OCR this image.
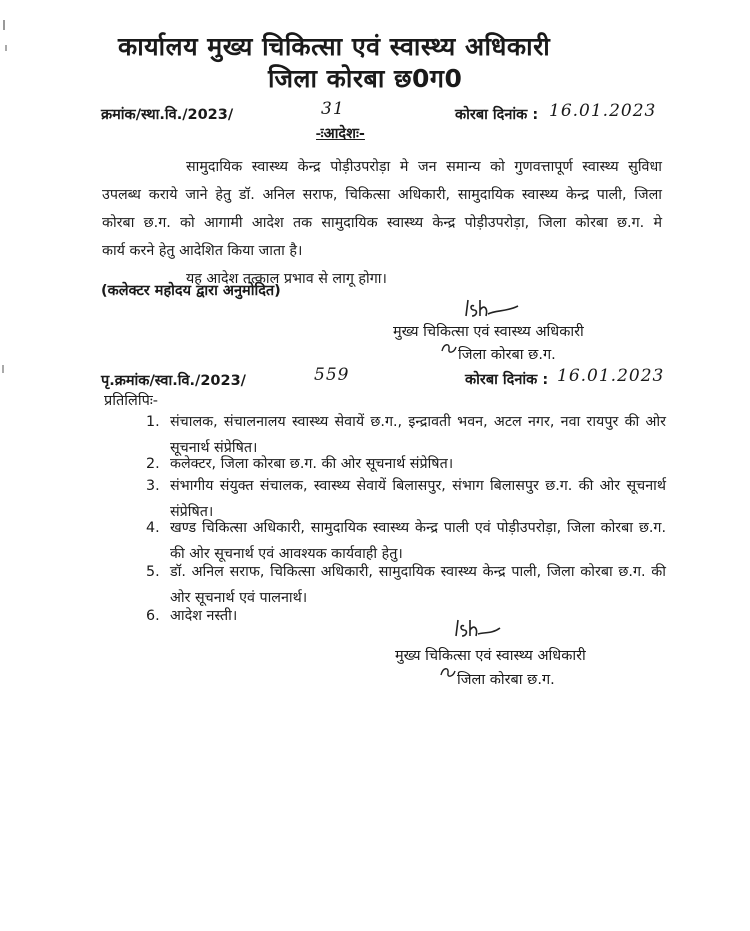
कार्यालय मुख्य चिकित्सा एवं स्वास्थ्य अधिकारी
जिला कोरबा छ0ग0
क्रमांक/स्था.वि./2023/	31	कोरबा दिनांक : 16.01.2023
-ःआदेशः-
सामुदायिक स्वास्थ्य केन्द्र पोड़ीउपरोड़ा मे जन समान्य को गुणवत्तापूर्ण स्वास्थ्य सुविधा
उपलब्ध कराये जाने हेतु डॉ. अनिल सराफ, चिकित्सा अधिकारी, सामुदायिक स्वास्थ्य केन्द्र पाली, जिला
कोरबा छ.ग. को आगामी आदेश तक सामुदायिक स्वास्थ्य केन्द्र पोड़ीउपरोड़ा, जिला कोरबा छ.ग. मे
कार्य करने हेतु आदेशित किया जाता है।
यह आदेश तत्काल प्रभाव से लागू होगा।
(कलेक्टर महोदय द्वारा अनुमोदित)
मुख्य चिकित्सा एवं स्वास्थ्य अधिकारी
जिला कोरबा छ.ग.
पृ.क्रमांक/स्वा.वि./2023/	559	कोरबा दिनांक : 16.01.2023
प्रतिलिपिः-
1. संचालक, संचालनालय स्वास्थ्य सेवायें छ.ग., इन्द्रावती भवन, अटल नगर, नवा रायपुर की ओर सूचनार्थ संप्रेषित।
2. कलेक्टर, जिला कोरबा छ.ग. की ओर सूचनार्थ संप्रेषित।
3. संभागीय संयुक्त संचालक, स्वास्थ्य सेवायें बिलासपुर, संभाग बिलासपुर छ.ग. की ओर सूचनार्थ संप्रेषित।
4. खण्ड चिकित्सा अधिकारी, सामुदायिक स्वास्थ्य केन्द्र पाली एवं पोड़ीउपरोड़ा, जिला कोरबा छ.ग. की ओर सूचनार्थ एवं आवश्यक कार्यवाही हेतु।
5. डॉ. अनिल सराफ, चिकित्सा अधिकारी, सामुदायिक स्वास्थ्य केन्द्र पाली, जिला कोरबा छ.ग. की ओर सूचनार्थ एवं पालनार्थ।
6. आदेश नस्ती।
मुख्य चिकित्सा एवं स्वास्थ्य अधिकारी
जिला कोरबा छ.ग.
